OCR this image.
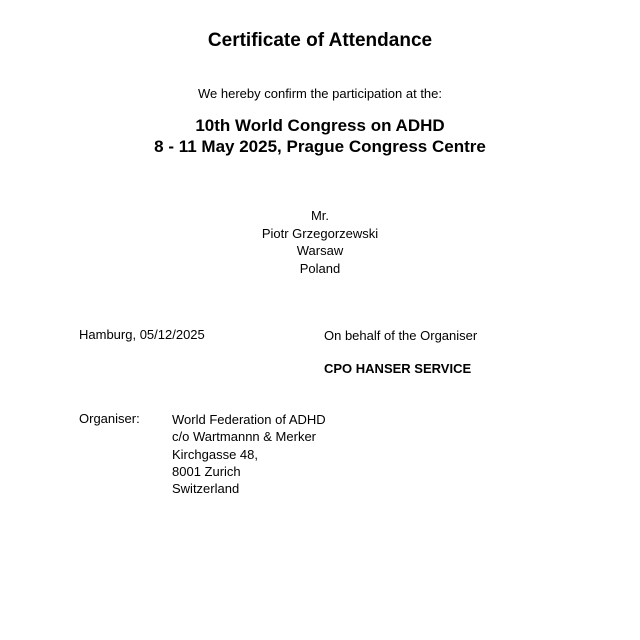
Certificate of Attendance
We hereby confirm the participation at the:
10th World Congress on ADHD
8 - 11 May 2025, Prague Congress Centre
Mr.
Piotr Grzegorzewski
Warsaw
Poland
Hamburg, 05/12/2025	On behalf of the Organiser
CPO HANSER SERVICE
Organiser: World Federation of ADHD
c/o Wartmannn & Merker
Kirchgasse 48,
8001 Zurich
Switzerland
